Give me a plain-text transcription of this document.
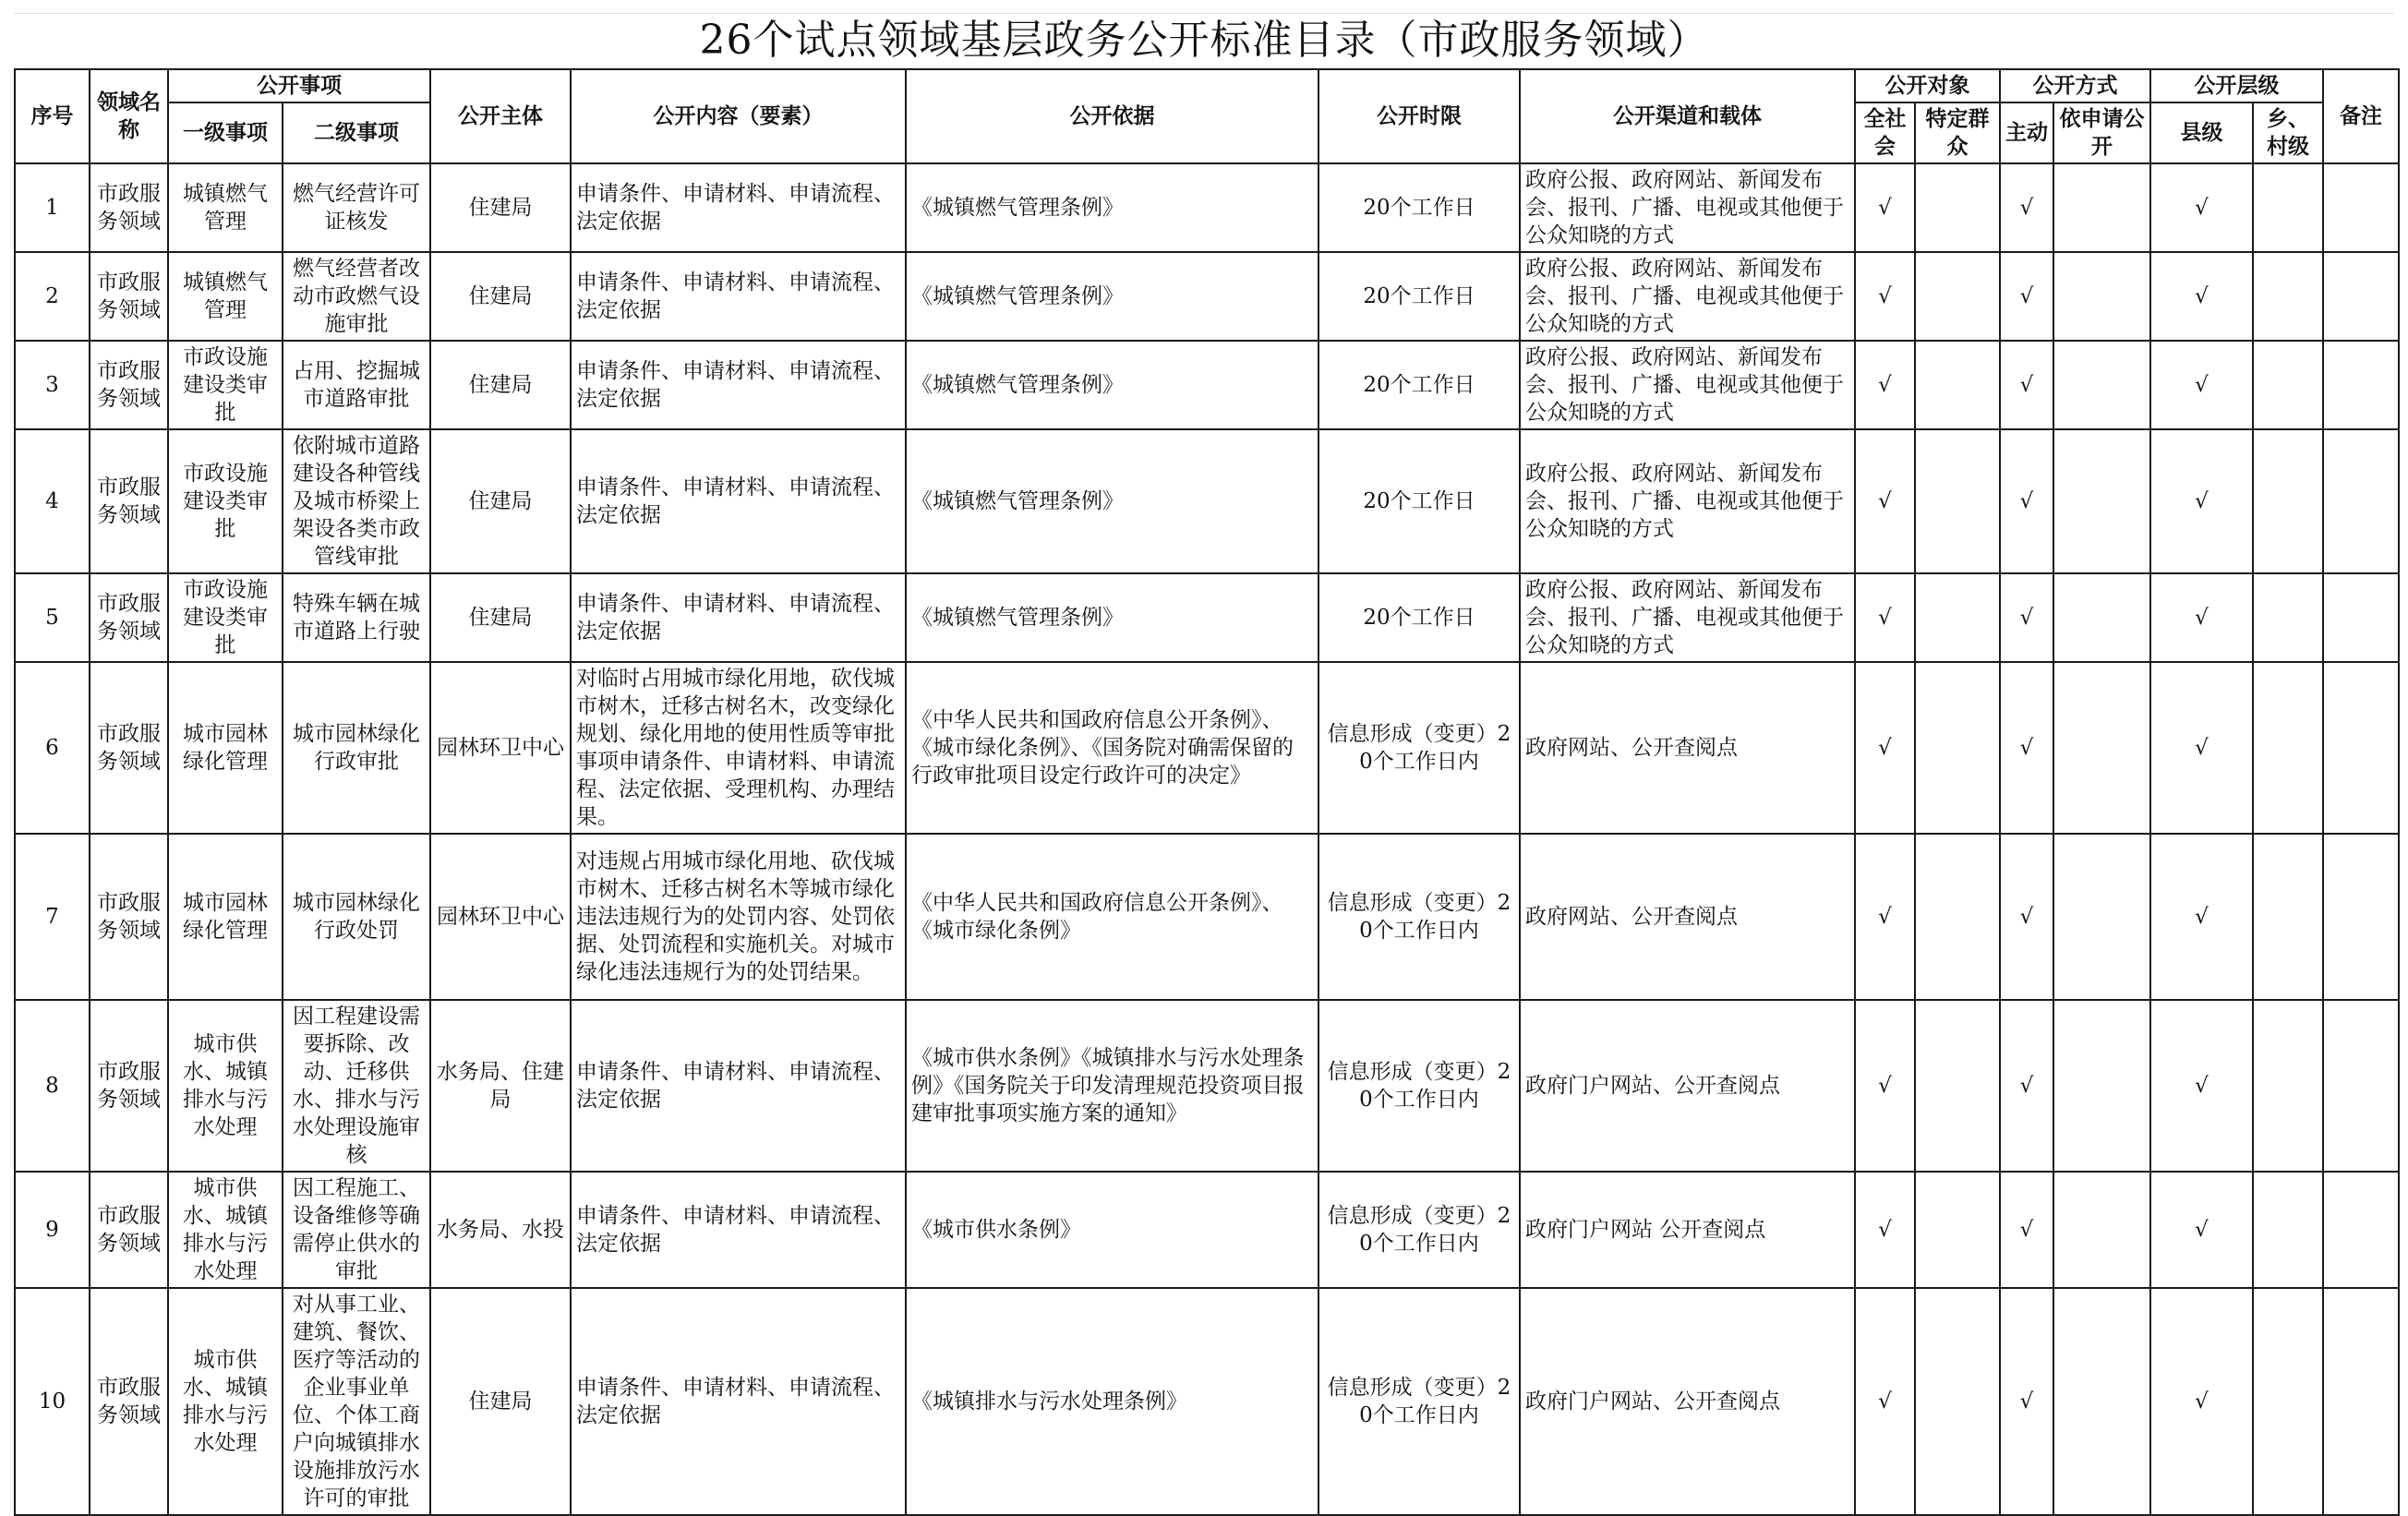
26个试点领域基层政务公开标准目录（市政服务领域）
序号	领域名称	公开事项		公开主体	公开内容（要素）	公开依据	公开时限	公开渠道和载体	公开对象		公开方式		公开层级		备注
		一级事项	二级事项						全社会	特定群众	主动	依申请公开	县级	乡、村级	
1	市政服务领域	城镇燃气管理	燃气经营许可证核发	住建局	申请条件、申请材料、申请流程、法定依据	《城镇燃气管理条例》	20个工作日	政府公报、政府网站、新闻发布会、报刊、广播、电视或其他便于公众知晓的方式	√		√		√		
2	市政服务领域	城镇燃气管理	燃气经营者改动市政燃气设施审批	住建局	申请条件、申请材料、申请流程、法定依据	《城镇燃气管理条例》	20个工作日	政府公报、政府网站、新闻发布会、报刊、广播、电视或其他便于公众知晓的方式	√		√		√		
3	市政服务领域	市政设施建设类审批	占用、挖掘城市道路审批	住建局	申请条件、申请材料、申请流程、法定依据	《城镇燃气管理条例》	20个工作日	政府公报、政府网站、新闻发布会、报刊、广播、电视或其他便于公众知晓的方式	√		√		√		
4	市政服务领域	市政设施建设类审批	依附城市道路建设各种管线及城市桥梁上架设各类市政管线审批	住建局	申请条件、申请材料、申请流程、法定依据	《城镇燃气管理条例》	20个工作日	政府公报、政府网站、新闻发布会、报刊、广播、电视或其他便于公众知晓的方式	√		√		√		
5	市政服务领域	市政设施建设类审批	特殊车辆在城市道路上行驶	住建局	申请条件、申请材料、申请流程、法定依据	《城镇燃气管理条例》	20个工作日	政府公报、政府网站、新闻发布会、报刊、广播、电视或其他便于公众知晓的方式	√		√		√		
6	市政服务领域	城市园林绿化管理	城市园林绿化行政审批	园林环卫中心	对临时占用城市绿化用地，砍伐城市树木，迁移古树名木，改变绿化规划、绿化用地的使用性质等审批事项申请条件、申请材料、申请流程、法定依据、受理机构、办理结果。	《中华人民共和国政府信息公开条例》、《城市绿化条例》、《国务院对确需保留的行政审批项目设定行政许可的决定》	信息形成（变更）20个工作日内	政府网站、公开查阅点	√		√		√		
7	市政服务领域	城市园林绿化管理	城市园林绿化行政处罚	园林环卫中心	对违规占用城市绿化用地、砍伐城市树木、迁移古树名木等城市绿化违法违规行为的处罚内容、处罚依据、处罚流程和实施机关。对城市绿化违法违规行为的处罚结果。	《中华人民共和国政府信息公开条例》、《城市绿化条例》	信息形成（变更）20个工作日内	政府网站、公开查阅点	√		√		√		
8	市政服务领域	城市供水、城镇排水与污水处理	因工程建设需要拆除、改动、迁移供水、排水与污水处理设施审核	水务局、住建局	申请条件、申请材料、申请流程、法定依据	《城市供水条例》《城镇排水与污水处理条例》《国务院关于印发清理规范投资项目报建审批事项实施方案的通知》	信息形成（变更）20个工作日内	政府门户网站、公开查阅点	√		√		√		
9	市政服务领域	城市供水、城镇排水与污水处理	因工程施工、设备维修等确需停止供水的审批	水务局、水投	申请条件、申请材料、申请流程、法定依据	《城市供水条例》	信息形成（变更）20个工作日内	政府门户网站 公开查阅点	√		√		√		
10	市政服务领域	城市供水、城镇排水与污水处理	对从事工业、建筑、餐饮、医疗等活动的企业事业单位、个体工商户向城镇排水设施排放污水许可的审批	住建局	申请条件、申请材料、申请流程、法定依据	《城镇排水与污水处理条例》	信息形成（变更）20个工作日内	政府门户网站、公开查阅点	√		√		√		
